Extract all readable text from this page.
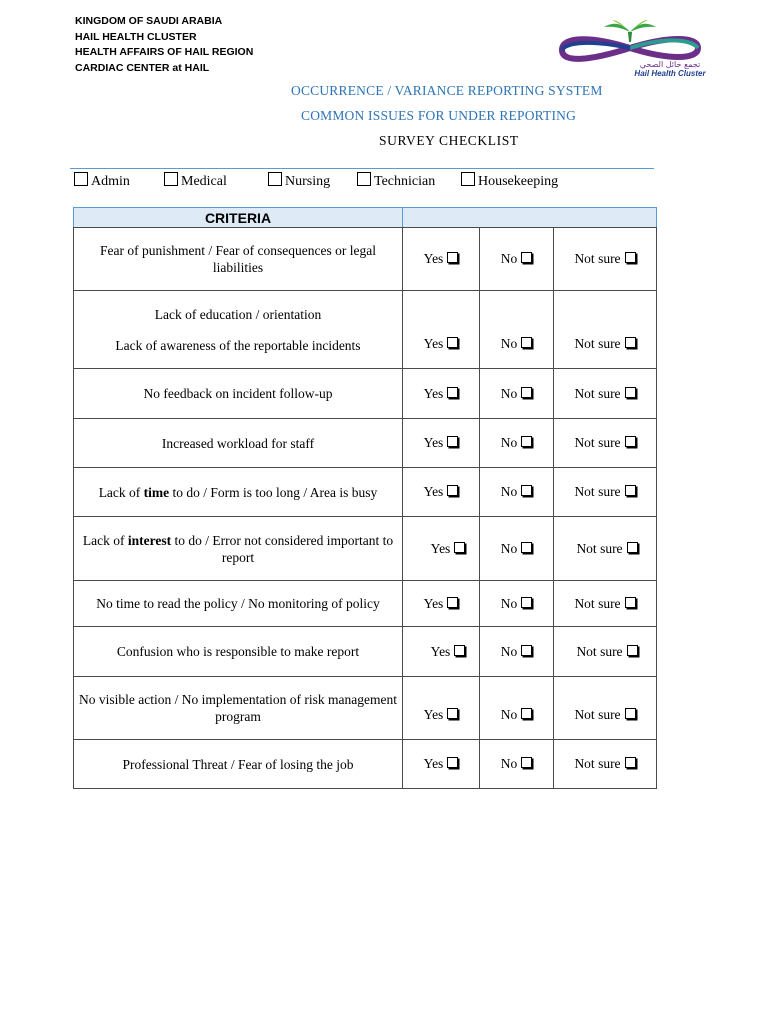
KINGDOM OF SAUDI ARABIA
HAIL HEALTH CLUSTER
HEALTH AFFAIRS OF HAIL REGION
CARDIAC CENTER at HAIL	تجمع حائل الصحي
Hail Health Cluster
OCCURRENCE / VARIANCE REPORTING SYSTEM
COMMON ISSUES FOR UNDER REPORTING
SURVEY CHECKLIST
Admin	Medical	Nursing	Technician	Housekeeping
CRITERIA			
Fear of punishment / Fear of consequences or legal liabilities	Yes	No	Not sure

Lack of education / orientation

Lack of awareness of the reportable incidents	Yes	No	Not sure
No feedback on incident follow-up	Yes	No	Not sure
Increased workload for staff	Yes	No	Not sure
Lack of time to do / Form is too long / Area is busy	Yes	No	Not sure
Lack of interest to do / Error not considered important to report	Yes	No	Not sure
No time to read the policy / No monitoring of policy	Yes	No	Not sure
Confusion who is responsible to make report	Yes	No	Not sure
No visible action / No implementation of risk management program	Yes	No	Not sure
Professional Threat / Fear of losing the job	Yes	No	Not sure
